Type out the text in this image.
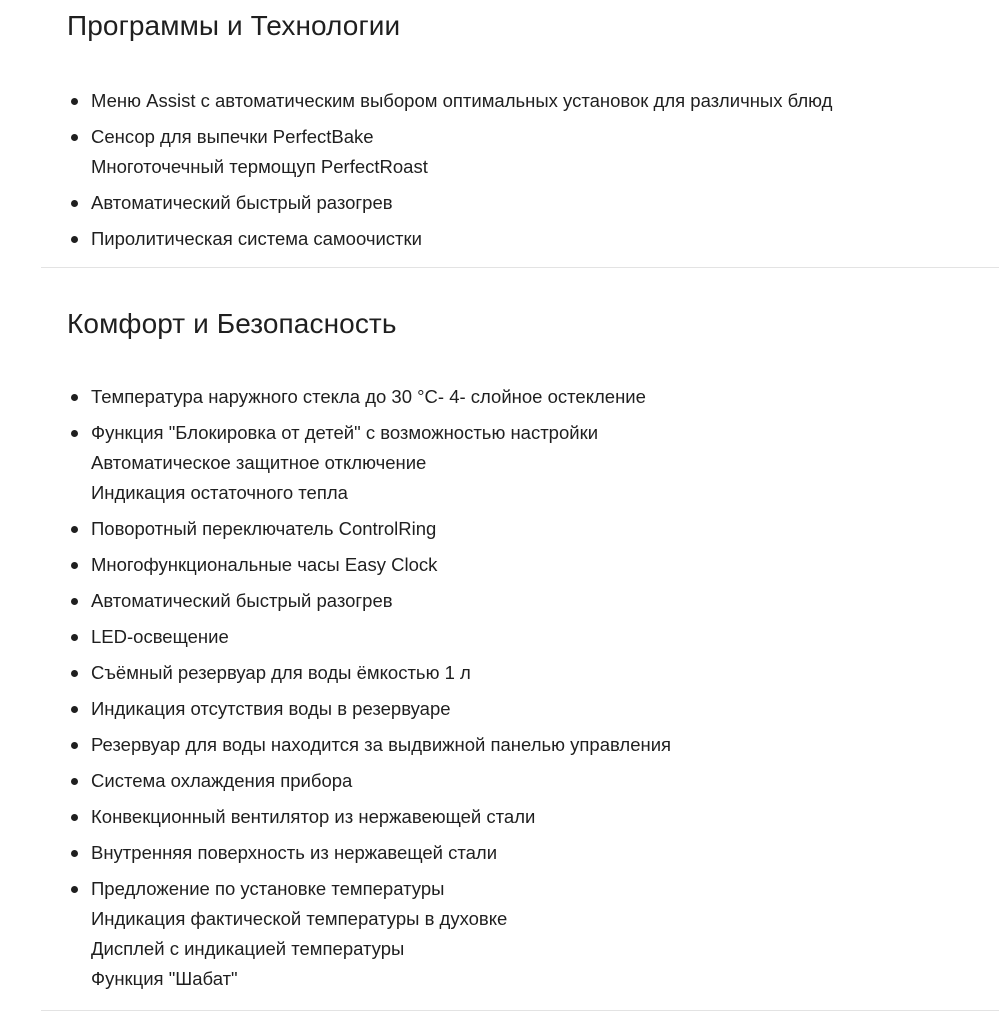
Программы и Технологии
Меню Assist с автоматическим выбором оптимальных установок для различных блюд
Сенсор для выпечки PerfectBake
Многоточечный термощуп PerfectRoast
Автоматический быстрый разогрев
Пиролитическая система самоочистки
Комфорт и Безопасность
Температура наружного стекла до 30 °C- 4- слойное остекление
Функция "Блокировка от детей" с возможностью настройки
Автоматическое защитное отключение
Индикация остаточного тепла
Поворотный переключатель ControlRing
Многофункциональные часы Easy Clock
Автоматический быстрый разогрев
LED-освещение
Съёмный резервуар для воды ёмкостью 1 л
Индикация отсутствия воды в резервуаре
Резервуар для воды находится за выдвижной панелью управления
Система охлаждения прибора
Конвекционный вентилятор из нержавеющей стали
Внутренняя поверхность из нержавещей стали
Предложение по установке температуры
Индикация фактической температуры в духовке
Дисплей с индикацией температуры
Функция "Шабат"
